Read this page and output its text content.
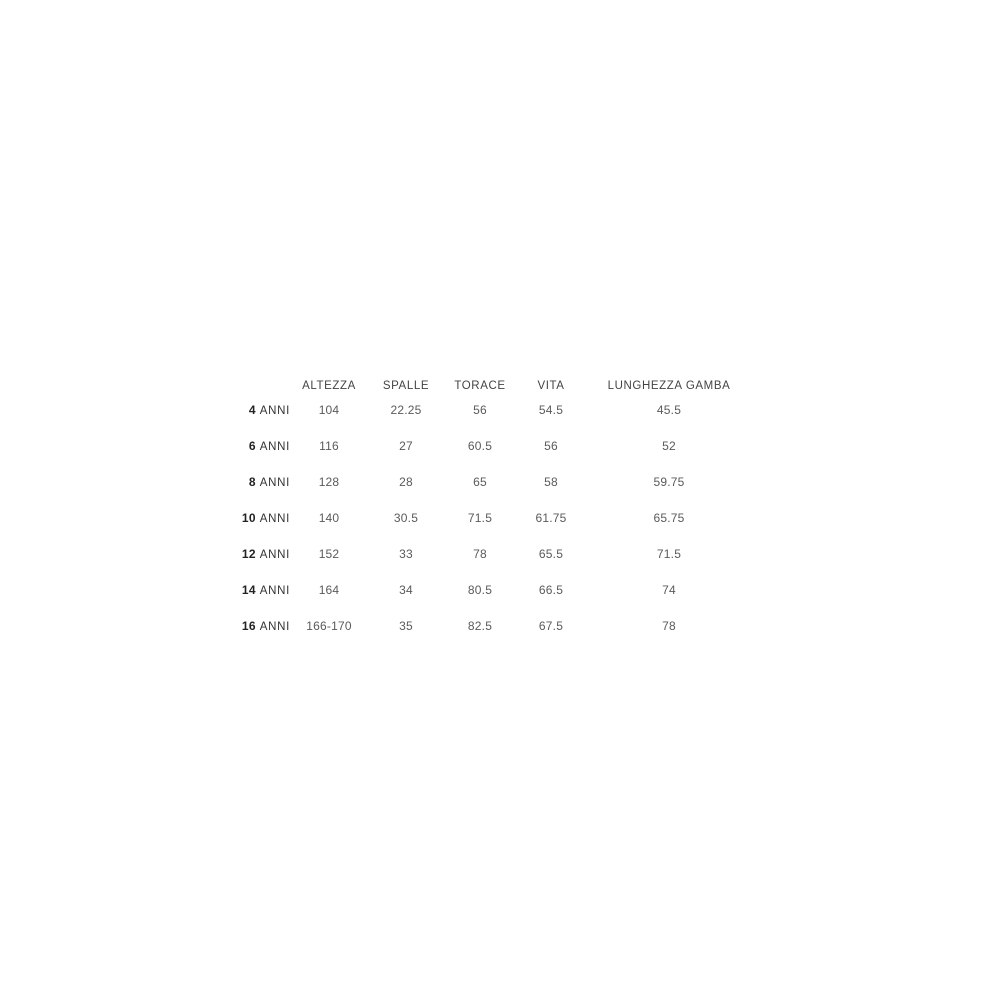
	ALTEZZA	SPALLE	TORACE	VITA	LUNGHEZZA GAMBA
4 ANNI	104	22.25	56	54.5	45.5
6 ANNI	116	27	60.5	56	52
8 ANNI	128	28	65	58	59.75
10 ANNI	140	30.5	71.5	61.75	65.75
12 ANNI	152	33	78	65.5	71.5
14 ANNI	164	34	80.5	66.5	74
16 ANNI	166-170	35	82.5	67.5	78
